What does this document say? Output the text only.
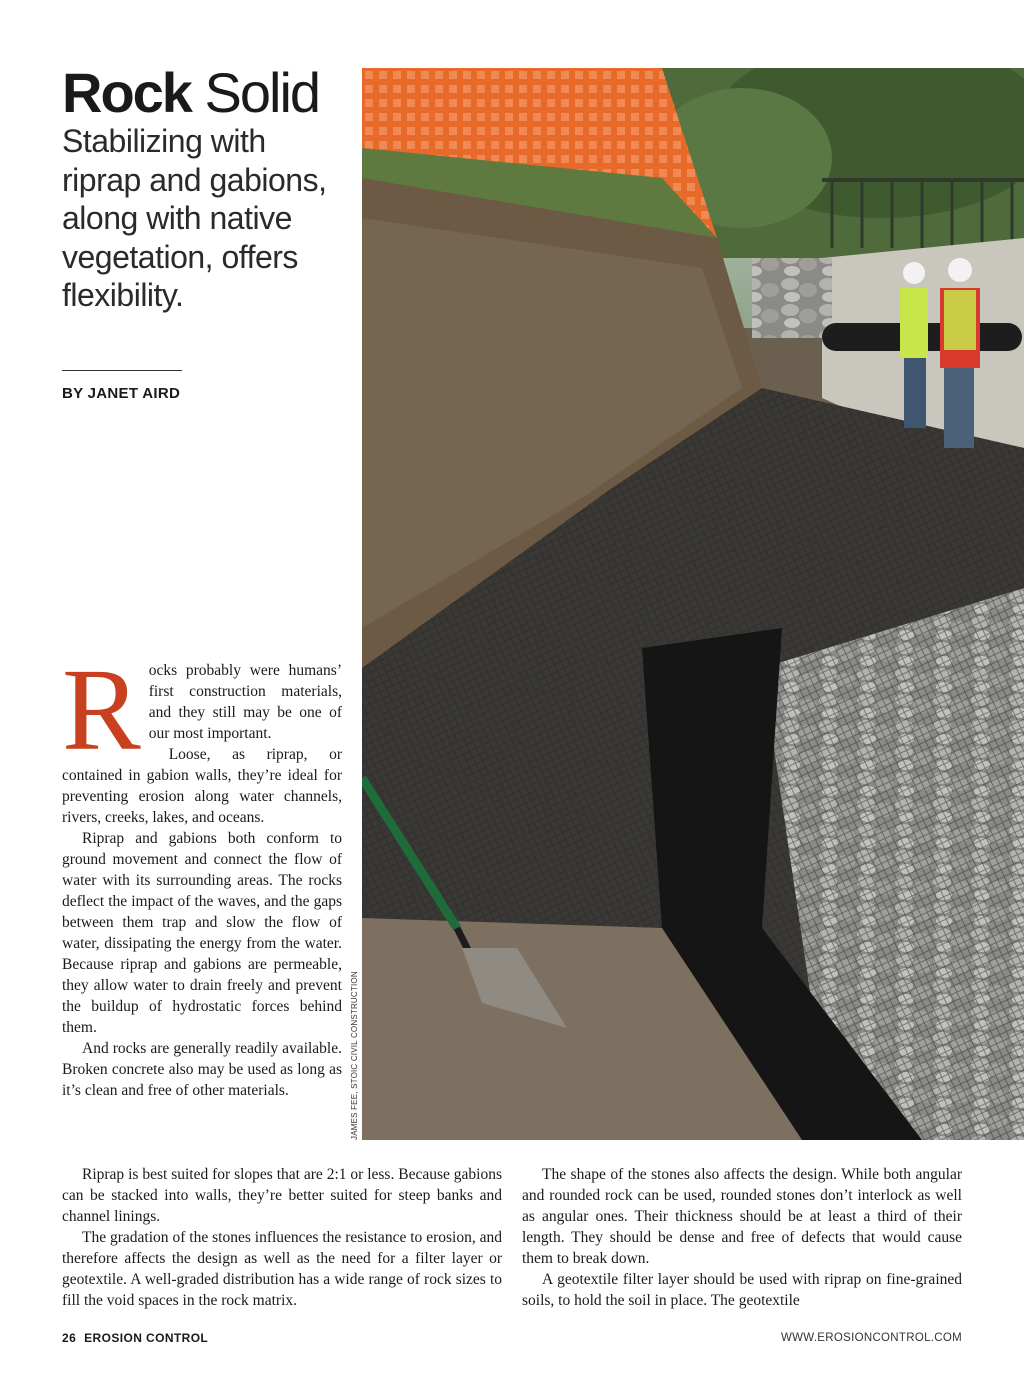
Rock Solid
Stabilizing with riprap and gabions, along with native vegetation, offers flexibility.
BY JANET AIRD
JAMES FEE, STOIC CIVIL CONSTRUCTION

Rocks probably were humans’ first construction materials, and they still may be one of our most important.

Loose, as riprap, or contained in gabion walls, they’re ideal for preventing erosion along water channels, rivers, creeks, lakes, and oceans.

Riprap and gabions both conform to ground movement and connect the flow of water with its surrounding areas. The rocks deflect the impact of the waves, and the gaps between them trap and slow the flow of water, dissipating the energy from the water. Because riprap and gabions are permeable, they allow water to drain freely and prevent the buildup of hydrostatic forces behind them.

And rocks are generally readily available. Broken concrete also may be used as long as it’s clean and free of other materials.

Riprap is best suited for slopes that are 2:1 or less. Because gabions can be stacked into walls, they’re better suited for steep banks and channel linings.

The gradation of the stones influences the resistance to erosion, and therefore affects the design as well as the need for a filter layer or geotextile. A well-graded distribution has a wide range of rock sizes to fill the void spaces in the rock matrix.

The shape of the stones also affects the design. While both angular and rounded rock can be used, rounded stones don’t interlock as well as angular ones. Their thickness should be at least a third of their length. They should be dense and free of defects that would cause them to break down.

A geotextile filter layer should be used with riprap on fine-grained soils, to hold the soil in place. The geotextile

26 EROSION CONTROL	WWW.EROSIONCONTROL.COM
